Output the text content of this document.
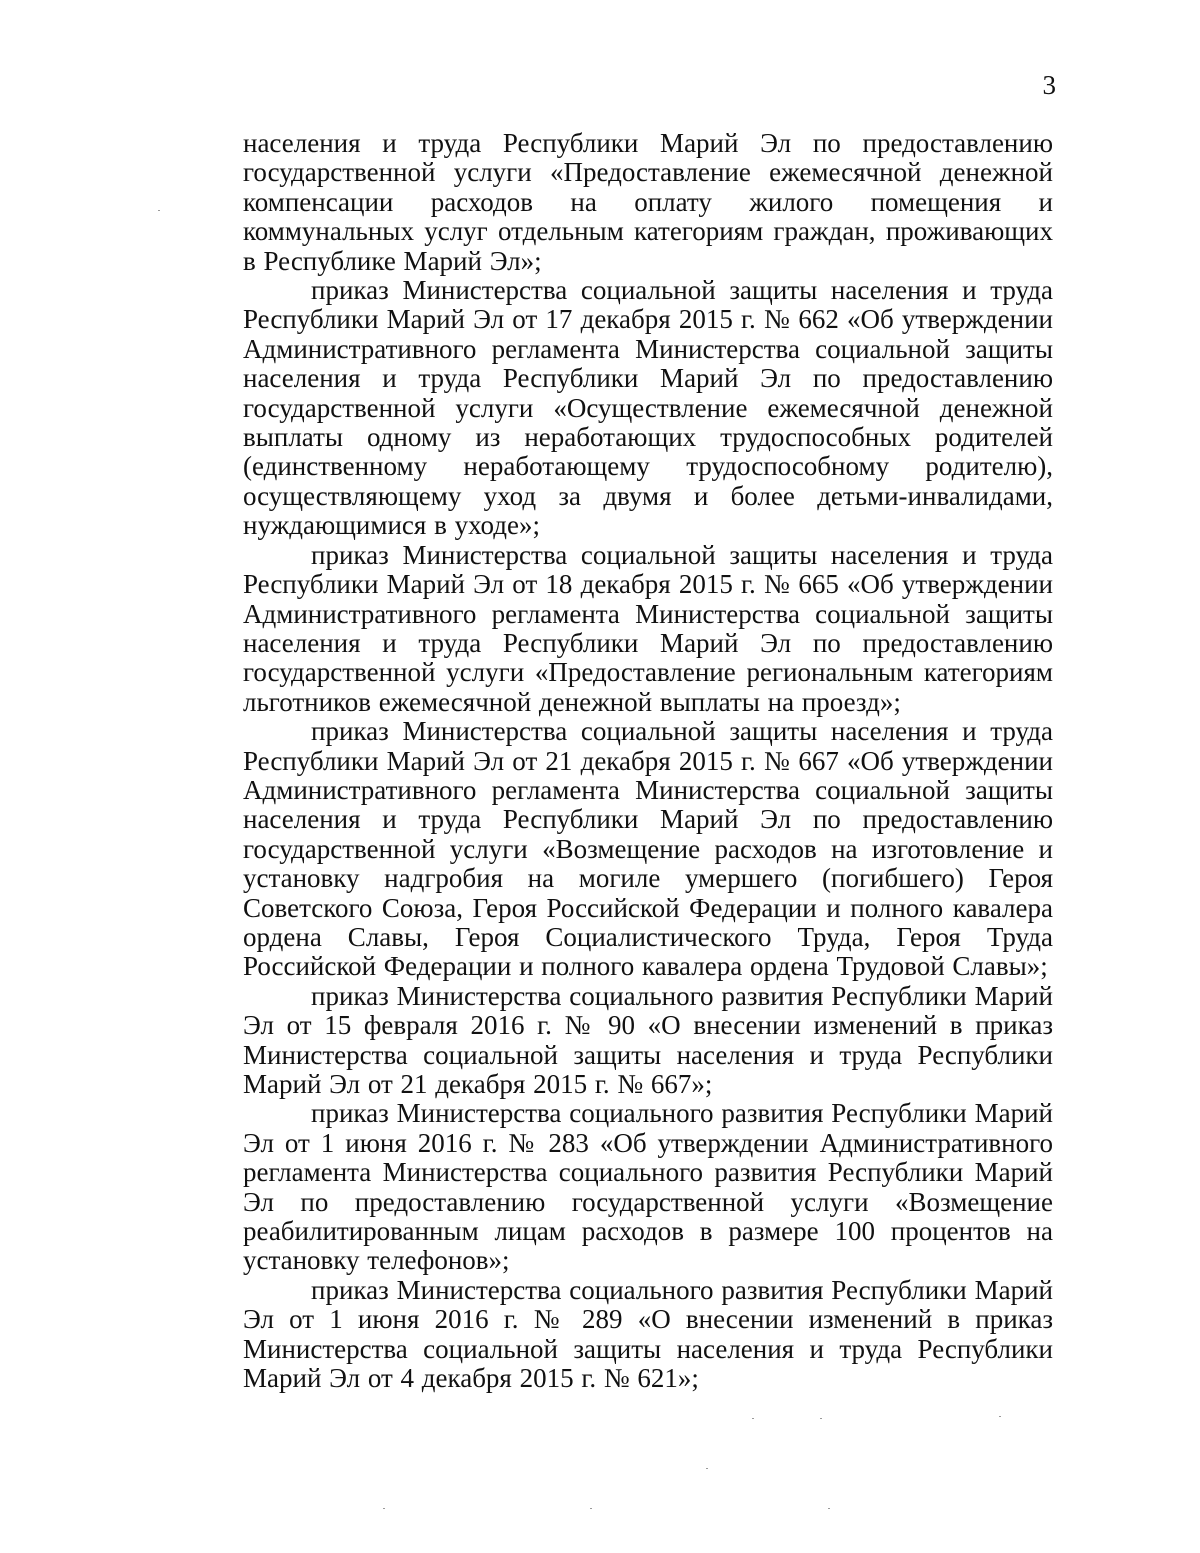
3

населения и труда Республики Марий Эл по предоставлению государственной услуги «Предоставление ежемесячной денежной компенсации расходов на оплату жилого помещения и коммунальных услуг отдельным категориям граждан, проживающих в Республике Марий Эл»;

приказ Министерства социальной защиты населения и труда Республики Марий Эл от 17 декабря 2015 г. № 662 «Об утверждении Административного регламента Министерства социальной защиты населения и труда Республики Марий Эл по предоставлению государственной услуги «Осуществление ежемесячной денежной выплаты одному из неработающих трудоспособных родителей (единственному неработающему трудоспособному родителю), осуществляющему уход за двумя и более детьми-инвалидами, нуждающимися в уходе»;

приказ Министерства социальной защиты населения и труда Республики Марий Эл от 18 декабря 2015 г. № 665 «Об утверждении Административного регламента Министерства социальной защиты населения и труда Республики Марий Эл по предоставлению государственной услуги «Предоставление региональным категориям льготников ежемесячной денежной выплаты на проезд»;

приказ Министерства социальной защиты населения и труда Республики Марий Эл от 21 декабря 2015 г. № 667 «Об утверждении Административного регламента Министерства социальной защиты населения и труда Республики Марий Эл по предоставлению государственной услуги «Возмещение расходов на изготовление и установку надгробия на могиле умершего (погибшего) Героя Советского Союза, Героя Российской Федерации и полного кавалера ордена Славы, Героя Социалистического Труда, Героя Труда Российской Федерации и полного кавалера ордена Трудовой Славы»;

приказ Министерства социального развития Республики Марий Эл от 15 февраля 2016 г. № 90 «О внесении изменений в приказ Министерства социальной защиты населения и труда Республики Марий Эл от 21 декабря 2015 г. № 667»;

приказ Министерства социального развития Республики Марий Эл от 1 июня 2016 г. № 283 «Об утверждении Административного регламента Министерства социального развития Республики Марий Эл по предоставлению государственной услуги «Возмещение реабилитированным лицам расходов в размере 100 процентов на установку телефонов»;

приказ Министерства социального развития Республики Марий Эл от 1 июня 2016 г. № 289 «О внесении изменений в приказ Министерства социальной защиты населения и труда Республики Марий Эл от 4 декабря 2015 г. № 621»;
